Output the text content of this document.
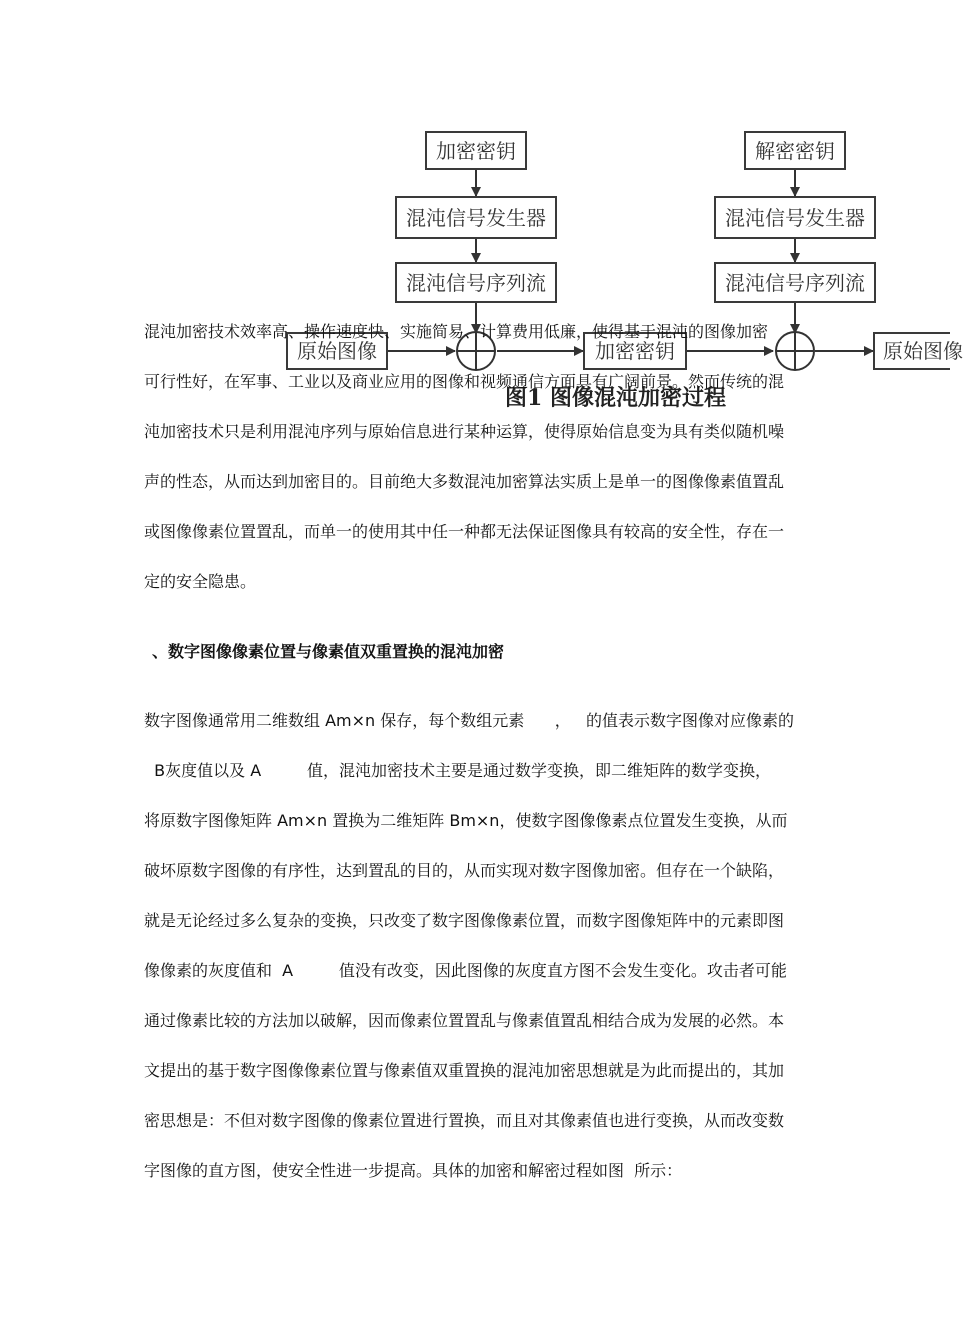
加密密钥
混沌信号发生器
混沌信号序列流
原始图像	加密密钥
解密密钥
混沌信号发生器
混沌信号序列流
原始图像
图1 图像混沌加密过程
混沌加密技术效率高、操作速度快、实施简易、计算费用低廉，使得基于混沌的图像加密
可行性好，在军事、工业以及商业应用的图像和视频通信方面具有广阔前景。然而传统的混
沌加密技术只是利用混沌序列与原始信息进行某种运算，使得原始信息变为具有类似随机噪
声的性态，从而达到加密目的。目前绝大多数混沌加密算法实质上是单一的图像像素值置乱
或图像像素位置置乱，而单一的使用其中任一种都无法保证图像具有较高的安全性，存在一
定的安全隐患。
、数字图像像素位置与像素值双重置换的混沌加密
数字图像通常用二维数组 Am×n 保存，每个数组元素      ，   的值表示数字图像对应像素的
B灰度值以及 A         值，混沌加密技术主要是通过数学变换，即二维矩阵的数学变换，
将原数字图像矩阵 Am×n 置换为二维矩阵 Bm×n，使数字图像像素点位置发生变换，从而
破坏原数字图像的有序性，达到置乱的目的，从而实现对数字图像加密。但存在一个缺陷，
就是无论经过多么复杂的变换，只改变了数字图像像素位置，而数字图像矩阵中的元素即图
像像素的灰度值和  A         值没有改变，因此图像的灰度直方图不会发生变化。攻击者可能
通过像素比较的方法加以破解，因而像素位置置乱与像素值置乱相结合成为发展的必然。本
文提出的基于数字图像像素位置与像素值双重置换的混沌加密思想就是为此而提出的，其加
密思想是：不但对数字图像的像素位置进行置换，而且对其像素值也进行变换，从而改变数
字图像的直方图，使安全性进一步提高。具体的加密和解密过程如图  所示：
